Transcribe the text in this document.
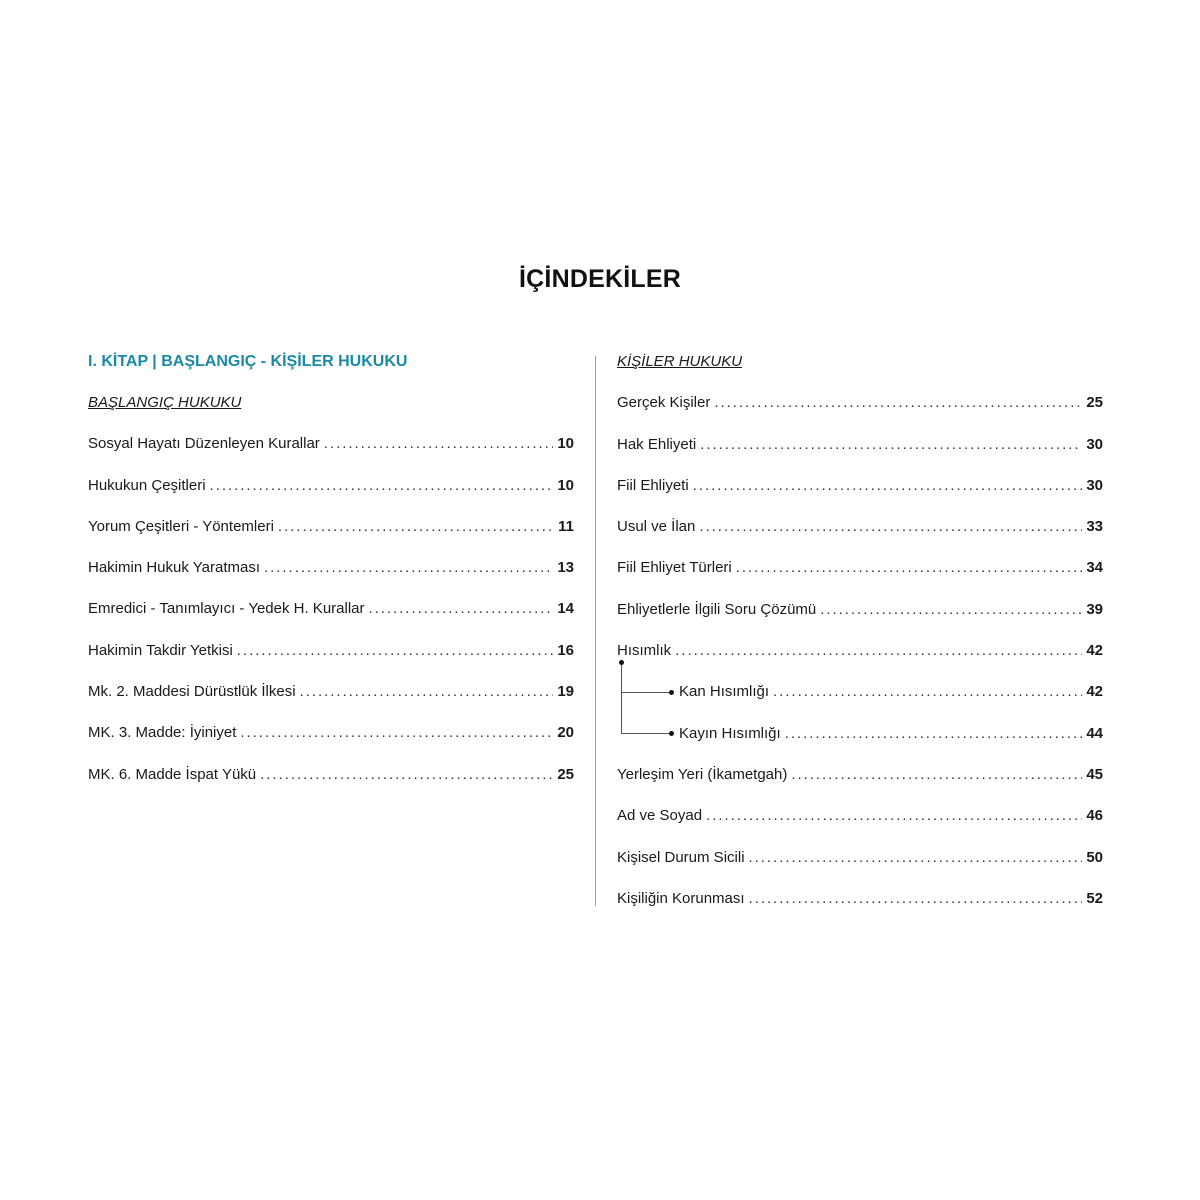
İÇİNDEKİLER
I. KİTAP | BAŞLANGIÇ - KİŞİLER HUKUKU
BAŞLANGIÇ HUKUKU
Sosyal Hayatı Düzenleyen Kurallar . . .	10
Hukukun Çeşitleri . . .	10
Yorum Çeşitleri - Yöntemleri . . .	11
Hakimin Hukuk Yaratması . . .	13
Emredici - Tanımlayıcı - Yedek H. Kurallar . . .	14
Hakimin Takdir Yetkisi . . .	16
Mk. 2. Maddesi Dürüstlük İlkesi . . .	19
MK. 3. Madde: İyiniyet . . .	20
MK. 6. Madde İspat Yükü . . .	25
KİŞİLER HUKUKU
Gerçek Kişiler . . .	25
Hak Ehliyeti . . .	30
Fiil Ehliyeti . . .	30
Usul ve İlan . . .	33
Fiil Ehliyet Türleri . . .	34
Ehliyetlerle İlgili Soru Çözümü . . .	39
Hısımlık . . .	42
Kan Hısımlığı . . .	42
Kayın Hısımlığı . . .	44
Yerleşim Yeri (İkametgah) . . .	45
Ad ve Soyad . . .	46
Kişisel Durum Sicili . . .	50
Kişiliğin Korunması . . .	52
